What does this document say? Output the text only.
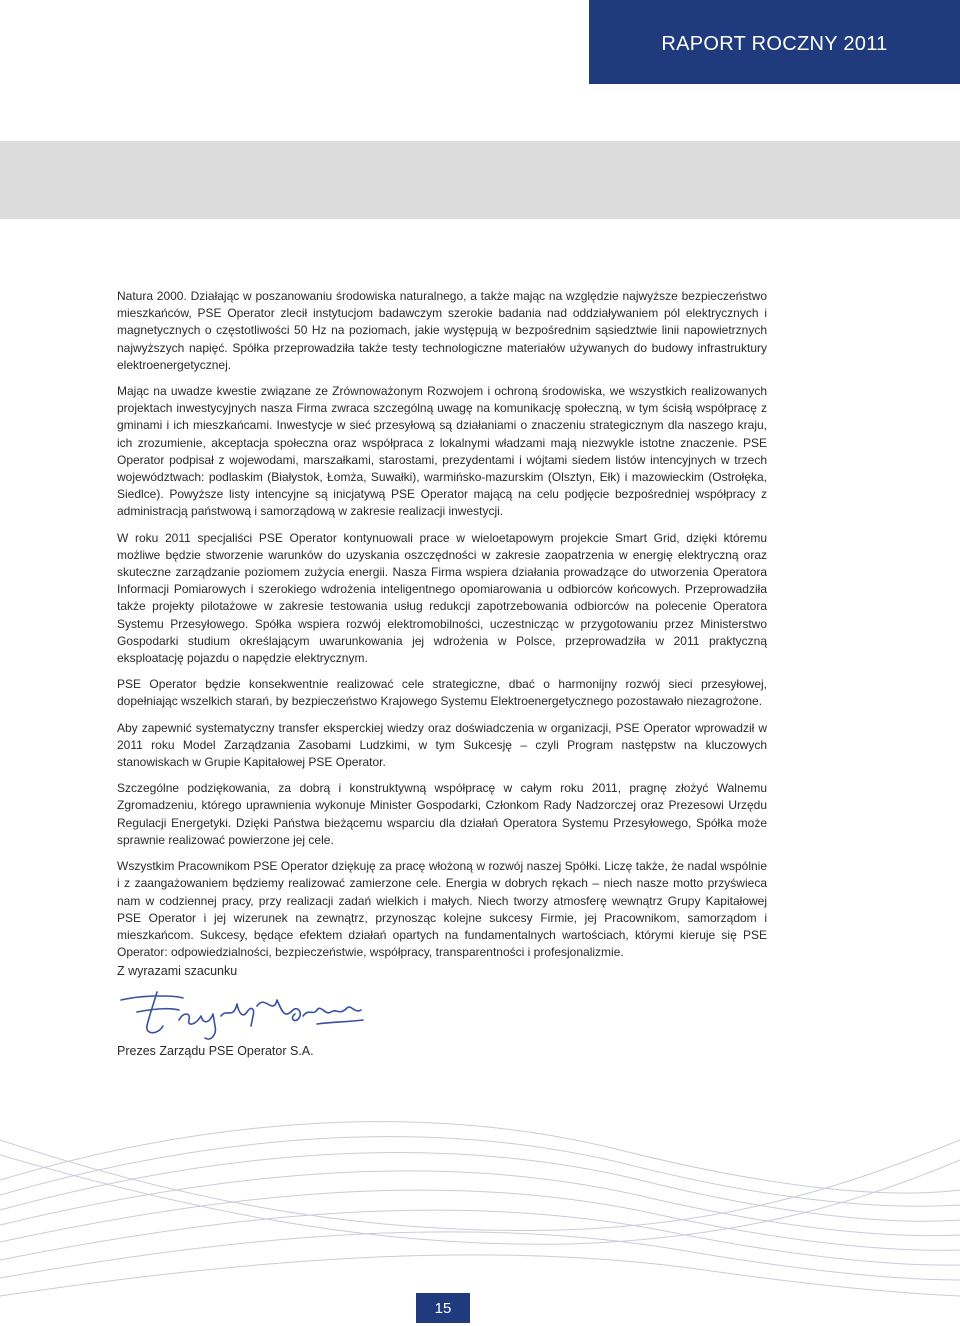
RAPORT ROCZNY 2011

Natura 2000. Działając w poszanowaniu środowiska naturalnego, a także mając na względzie najwyższe bezpieczeństwo mieszkańców, PSE Operator zlecił instytucjom badawczym szerokie badania nad oddziaływaniem pól elektrycznych i magnetycznych o częstotliwości 50 Hz na poziomach, jakie występują w bezpośrednim sąsiedztwie linii napowietrznych najwyższych napięć. Spółka przeprowadziła także testy technologiczne materiałów używanych do budowy infrastruktury elektroenergetycznej.

Mając na uwadze kwestie związane ze Zrównoważonym Rozwojem i ochroną środowiska, we wszystkich realizowanych projektach inwestycyjnych nasza Firma zwraca szczególną uwagę na komunikację społeczną, w tym ścisłą współpracę z gminami i ich mieszkańcami. Inwestycje w sieć przesyłową są działaniami o znaczeniu strategicznym dla naszego kraju, ich zrozumienie, akceptacja społeczna oraz współpraca z lokalnymi władzami mają niezwykle istotne znaczenie. PSE Operator podpisał z wojewodami, marszałkami, starostami, prezydentami i wójtami siedem listów intencyjnych w trzech województwach: podlaskim (Białystok, Łomża, Suwałki), warmińsko-mazurskim (Olsztyn, Ełk) i mazowieckim (Ostrołęka, Siedlce). Powyższe listy intencyjne są inicjatywą PSE Operator mającą na celu podjęcie bezpośredniej współpracy z administracją państwową i samorządową w zakresie realizacji inwestycji.

W roku 2011 specjaliści PSE Operator kontynuowali prace w wieloetapowym projekcie Smart Grid, dzięki któremu możliwe będzie stworzenie warunków do uzyskania oszczędności w zakresie zaopatrzenia w energię elektryczną oraz skuteczne zarządzanie poziomem zużycia energii. Nasza Firma wspiera działania prowadzące do utworzenia Operatora Informacji Pomiarowych i szerokiego wdrożenia inteligentnego opomiarowania u odbiorców końcowych. Przeprowadziła także projekty pilotażowe w zakresie testowania usług redukcji zapotrzebowania odbiorców na polecenie Operatora Systemu Przesyłowego. Spółka wspiera rozwój elektromobilności, uczestnicząc w przygotowaniu przez Ministerstwo Gospodarki studium określającym uwarunkowania jej wdrożenia w Polsce, przeprowadziła w 2011 praktyczną eksploatację pojazdu o napędzie elektrycznym.

PSE Operator będzie konsekwentnie realizować cele strategiczne, dbać o harmonijny rozwój sieci przesyłowej, dopełniając wszelkich starań, by bezpieczeństwo Krajowego Systemu Elektroenergetycznego pozostawało niezagrożone.

Aby zapewnić systematyczny transfer eksperckiej wiedzy oraz doświadczenia w organizacji, PSE Operator wprowadził w 2011 roku Model Zarządzania Zasobami Ludzkimi, w tym Sukcesję – czyli Program następstw na kluczowych stanowiskach w Grupie Kapitałowej PSE Operator.

Szczególne podziękowania, za dobrą i konstruktywną współpracę w całym roku 2011, pragnę złożyć Walnemu Zgromadzeniu, którego uprawnienia wykonuje Minister Gospodarki, Członkom Rady Nadzorczej oraz Prezesowi Urzędu Regulacji Energetyki. Dzięki Państwa bieżącemu wsparciu dla działań Operatora Systemu Przesyłowego, Spółka może sprawnie realizować powierzone jej cele.

Wszystkim Pracownikom PSE Operator dziękuję za pracę włożoną w rozwój naszej Spółki. Liczę także, że nadal wspólnie i z zaangażowaniem będziemy realizować zamierzone cele. Energia w dobrych rękach – niech nasze motto przyświeca nam w codziennej pracy, przy realizacji zadań wielkich i małych. Niech tworzy atmosferę wewnątrz Grupy Kapitałowej PSE Operator i jej wizerunek na zewnątrz, przynosząc kolejne sukcesy Firmie, jej Pracownikom, samorządom i mieszkańcom. Sukcesy, będące efektem działań opartych na fundamentalnych wartościach, którymi kieruje się PSE Operator: odpowiedzialności, bezpieczeństwie, współpracy, transparentności i profesjonalizmie.

Z wyrazami szacunku
Prezes Zarządu PSE Operator S.A.
15
